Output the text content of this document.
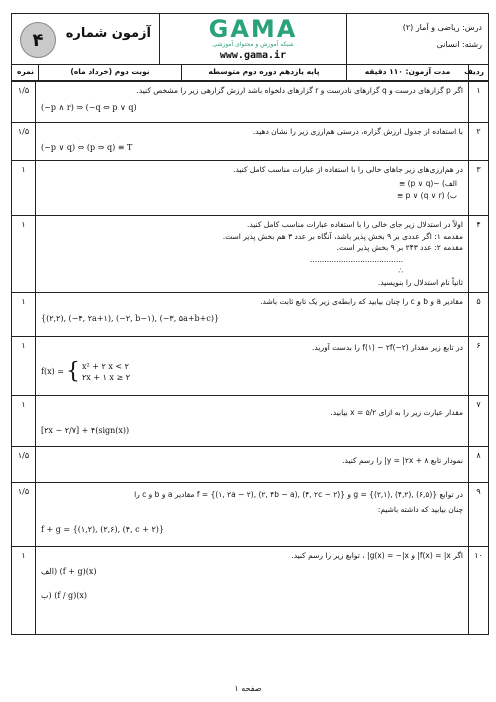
درس: ریاضی و آمار (۲)
رشته: انسانی
GAMA
شبکه آموزش و محتوای آموزشی
www.gama.ir
۴	آزمون شماره
ردیف
مدت آزمون: ۱۱۰ دقیقه
پایه یازدهم دوره دوم متوسطه
نوبت دوم (خرداد ماه)
نمره
۱
۱/۵	اگر p گزارهای درست و q گزارهای نادرست و r گزارهای دلخواه باشد ارزش گزارهی زیر را مشخص کنید.
(~p ∧ r) ⇒ (~q ⇔ p ∨ q)
۲
۱/۵	با استفاده از جدول ارزش گزاره، درستی هم‌ارزی زیر را نشان دهید.
(~p ∨ q) ⇔ (p ⇒ q) ≡ T
۳
۱	در هم‌ارزی‌های زیر جاهای خالی را با استفاده از عبارات مناسب کامل کنید.
الف) ~(p ∨ q) ≡
ب) p ∨ (q ∨ r) ≡
۴
۱	اولاً در استدلال زیر جای خالی را با استفاده عبارات مناسب کامل کنید.
مقدمه ۱: اگر عددی بر ۹ بخش پذیر باشد، آنگاه بر عدد ۳ هم بخش پذیر است.
مقدمه ۲: عدد ۲۴۳ بر ۹ بخش پذیر است.
.......................................
∴
ثانیاً نام استدلال را بنویسید.
۵
۱	مقادیر a و b و c را چنان بیابید که رابطه‌ی زیر یک تابع ثابت باشد.
{(۲,۲), (−۴, ۲a+۱), (−۲, b−۱), (−۳, ۵a+b+c)}
۶
۱	در تابع زیر مقدار f(۱) − ۲f(−۲) را بدست آورید.
f(x) = { x² + ۲ x < ۲
۲x + ۱ x ≥ ۲
۷
۱
مقدار عبارت زیر را به ازای x = ۵/۲ بیابید.
[۲x − ۲/۷] + ۴(sign(x))
۸
۱/۵
نمودار تابع y = |۲x + ۸| را رسم کنید.
۹
۱/۵	در توابع g = {(۲,۱), (۴,۲), (۶,۵)} و f = {(۱, ۲a − ۲), (۲, ۴b − a), (۴, ۲c − ۲)} مقادیر a و b و c را
چنان بیابید که داشته باشیم:
f + g = {(۱,۲), (۲,۶), (۴, c + ۲)}
۱۰
۱	اگر f(x) = |x| و g(x) = −|x| ، توابع زیر را رسم کنید.
الف) (f + g)(x)
ب) (f / g)(x)
صفحه ۱
